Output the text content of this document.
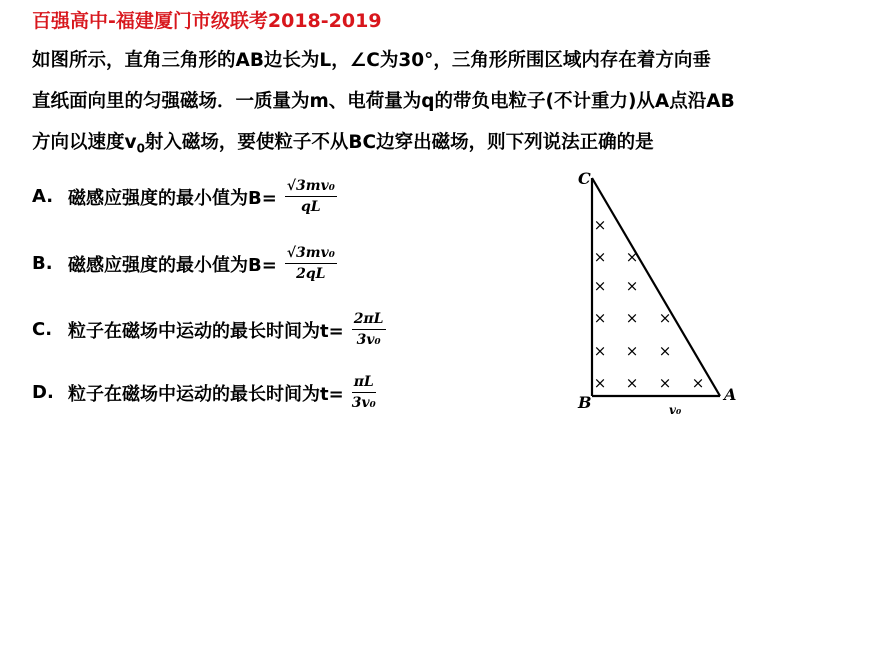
百强高中-福建厦门市级联考2018-2019
如图所示，直角三角形的AB边长为L，∠C为30°，三角形所围区域内存在着方向垂
直纸面向里的匀强磁场．一质量为m、电荷量为q的带负电粒子(不计重力)从A点沿AB
方向以速度$v_0$射入磁场，要使粒子不从BC边穿出磁场，则下列说法正确的是
A. 磁感应强度的最小值为$B= \frac{\text{√3mv₀}}{qL}$
B. 磁感应强度的最小值为$B= \frac{\text{√3mv₀}}{2qL}$
C. 粒子在磁场中运动的最长时间为$t= \frac{2\pi L}{\text{3v₀}}$
D. 粒子在磁场中运动的最长时间为$t= \frac{\pi L}{\text{3v₀}}$
C
B	A
v₀
×
× ×
× ×
× × ×
× × ×
× × × ×
